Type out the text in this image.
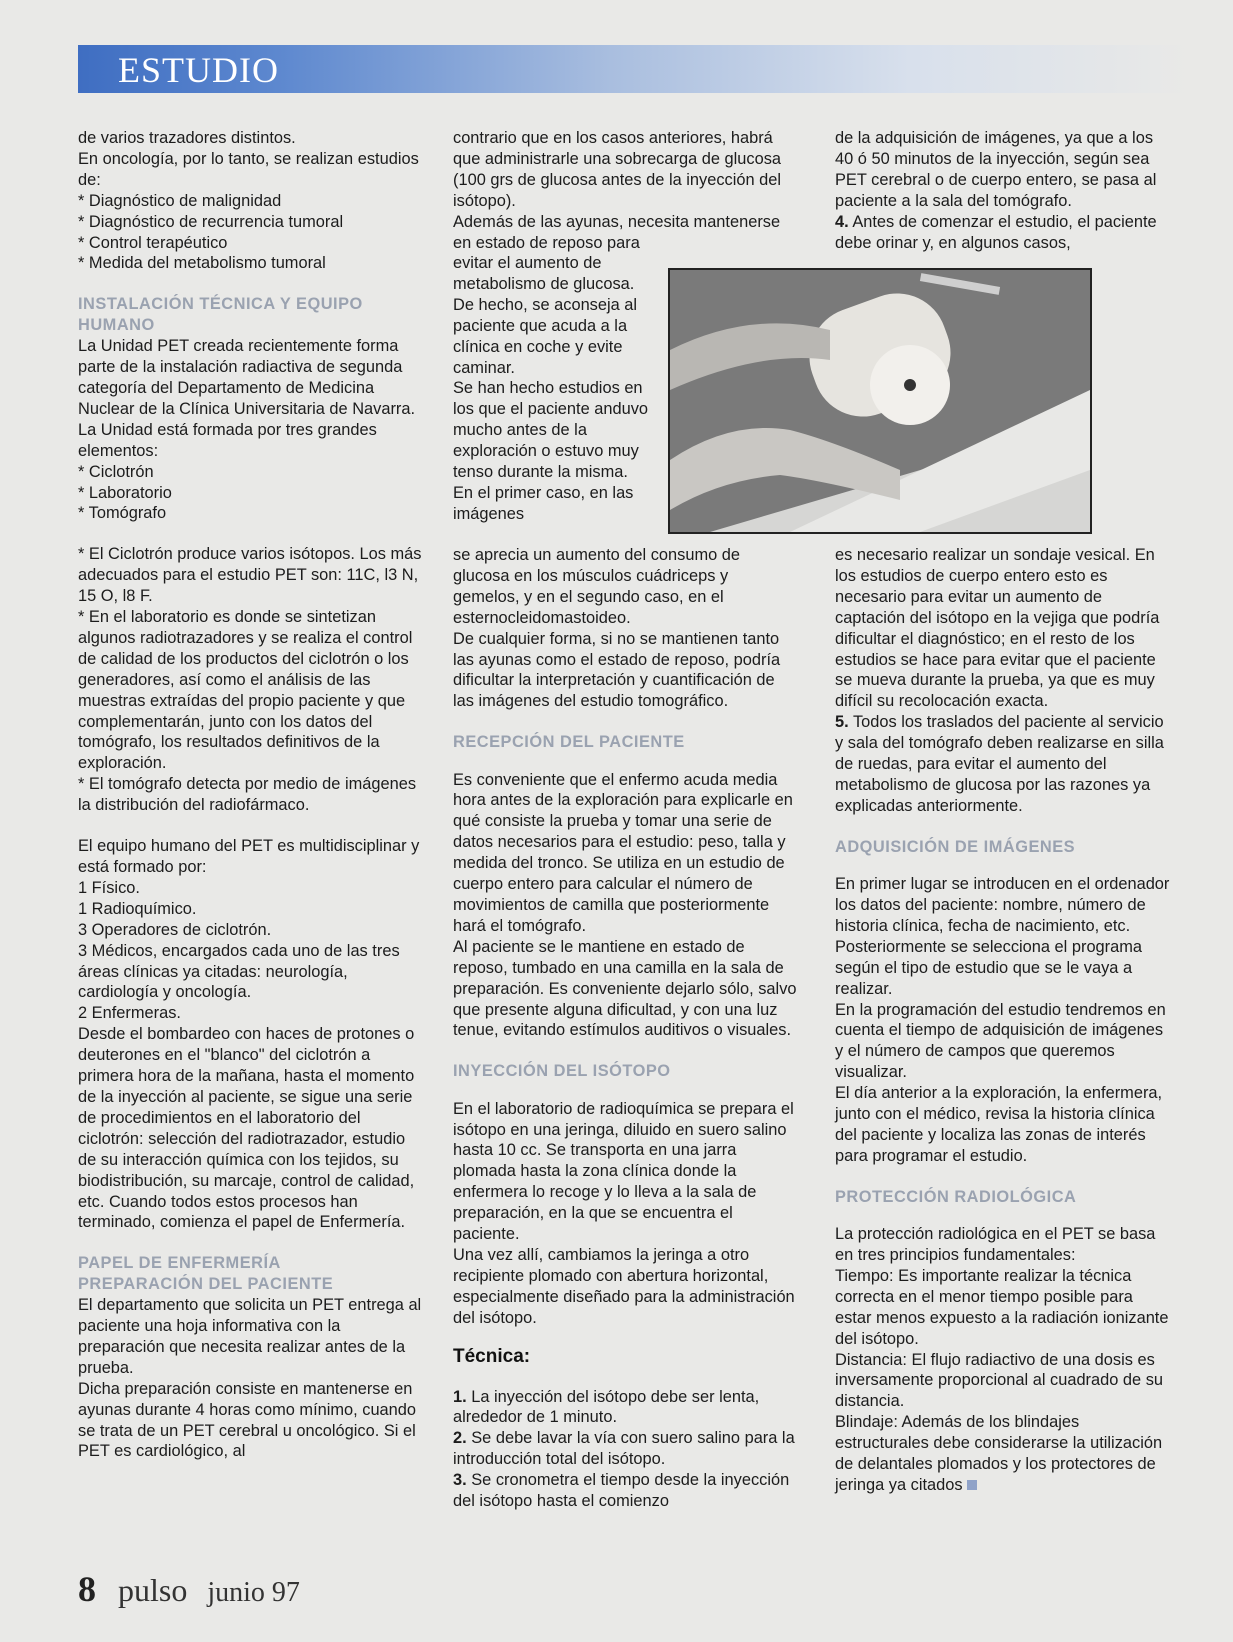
ESTUDIO

de varios trazadores distintos.

En oncología, por lo tanto, se realizan estudios de:

* Diagnóstico de malignidad

* Diagnóstico de recurrencia tumoral

* Control terapéutico

* Medida del metabolismo tumoral

INSTALACIÓN TÉCNICA Y EQUIPO HUMANO

La Unidad PET creada recientemente forma parte de la instalación radiactiva de segunda categoría del Departamento de Medicina Nuclear de la Clínica Universitaria de Navarra.

La Unidad está formada por tres grandes elementos:

* Ciclotrón

* Laboratorio

* Tomógrafo

* El Ciclotrón produce varios isótopos. Los más adecuados para el estudio PET son: 11C, l3 N, 15 O, l8 F.

* En el laboratorio es donde se sintetizan algunos radiotrazadores y se realiza el control de calidad de los productos del ciclotrón o los generadores, así como el análisis de las muestras extraídas del propio paciente y que complementarán, junto con los datos del tomógrafo, los resultados definitivos de la exploración.

* El tomógrafo detecta por medio de imágenes la distribución del radiofármaco.

El equipo humano del PET es multidisciplinar y está formado por:

1 Físico.

1 Radioquímico.

3 Operadores de ciclotrón.

3 Médicos, encargados cada uno de las tres áreas clínicas ya citadas: neurología, cardiología y oncología.

2 Enfermeras.

Desde el bombardeo con haces de protones o deuterones en el "blanco" del ciclotrón a primera hora de la mañana, hasta el momento de la inyección al paciente, se sigue una serie de procedimientos en el laboratorio del ciclotrón: selección del radiotrazador, estudio de su interacción química con los tejidos, su biodistribución, su marcaje, control de calidad, etc. Cuando todos estos procesos han terminado, comienza el papel de Enfermería.

PAPEL DE ENFERMERÍA

PREPARACIÓN DEL PACIENTE

El departamento que solicita un PET entrega al paciente una hoja informativa con la preparación que necesita realizar antes de la prueba.

Dicha preparación consiste en mantenerse en ayunas durante 4 horas como mínimo, cuando se trata de un PET cerebral u oncológico. Si el PET es cardiológico, al

contrario que en los casos anteriores, habrá que administrarle una sobrecarga de glucosa (100 grs de glucosa antes de la inyección del isótopo).

Además de las ayunas, necesita mantenerse en estado de reposo para

evitar el aumento de metabolismo de glucosa. De hecho, se aconseja al paciente que acuda a la clínica en coche y evite caminar.

Se han hecho estudios en los que el paciente anduvo mucho antes de la exploración o estuvo muy tenso durante la misma. En el primer caso, en las imágenes

se aprecia un aumento del consumo de glucosa en los músculos cuádriceps y gemelos, y en el segundo caso, en el esternocleidomastoideo.

De cualquier forma, si no se mantienen tanto las ayunas como el estado de reposo, podría dificultar la interpretación y cuantificación de las imágenes del estudio tomográfico.

RECEPCIÓN DEL PACIENTE

Es conveniente que el enfermo acuda media hora antes de la exploración para explicarle en qué consiste la prueba y tomar una serie de datos necesarios para el estudio: peso, talla y medida del tronco. Se utiliza en un estudio de cuerpo entero para calcular el número de movimientos de camilla que posteriormente hará el tomógrafo.

Al paciente se le mantiene en estado de reposo, tumbado en una camilla en la sala de preparación. Es conveniente dejarlo sólo, salvo que presente alguna dificultad, y con una luz tenue, evitando estímulos auditivos o visuales.

INYECCIÓN DEL ISÓTOPO

En el laboratorio de radioquímica se prepara el isótopo en una jeringa, diluido en suero salino hasta 10 cc. Se transporta en una jarra plomada hasta la zona clínica donde la enfermera lo recoge y lo lleva a la sala de preparación, en la que se encuentra el paciente.

Una vez allí, cambiamos la jeringa a otro recipiente plomado con abertura horizontal, especialmente diseñado para la administración del isótopo.

Técnica:

1. La inyección del isótopo debe ser lenta, alrededor de 1 minuto.

2. Se debe lavar la vía con suero salino para la introducción total del isótopo.

3. Se cronometra el tiempo desde la inyección del isótopo hasta el comienzo

de la adquisición de imágenes, ya que a los 40 ó 50 minutos de la inyección, según sea PET cerebral o de cuerpo entero, se pasa al paciente a la sala del tomógrafo.

4. Antes de comenzar el estudio, el paciente debe orinar y, en algunos casos,

es necesario realizar un sondaje vesical. En los estudios de cuerpo entero esto es necesario para evitar un aumento de captación del isótopo en la vejiga que podría dificultar el diagnóstico; en el resto de los estudios se hace para evitar que el paciente se mueva durante la prueba, ya que es muy difícil su recolocación exacta.

5. Todos los traslados del paciente al servicio y sala del tomógrafo deben realizarse en silla de ruedas, para evitar el aumento del metabolismo de glucosa por las razones ya explicadas anteriormente.

ADQUISICIÓN DE IMÁGENES

En primer lugar se introducen en el ordenador los datos del paciente: nombre, número de historia clínica, fecha de nacimiento, etc. Posteriormente se selecciona el programa según el tipo de estudio que se le vaya a realizar.

En la programación del estudio tendremos en cuenta el tiempo de adquisición de imágenes y el número de campos que queremos visualizar.

El día anterior a la exploración, la enfermera, junto con el médico, revisa la historia clínica del paciente y localiza las zonas de interés para programar el estudio.

PROTECCIÓN RADIOLÓGICA

La protección radiológica en el PET se basa en tres principios fundamentales:

Tiempo: Es importante realizar la técnica correcta en el menor tiempo posible para estar menos expuesto a la radiación ionizante del isótopo.

Distancia: El flujo radiactivo de una dosis es inversamente proporcional al cuadrado de su distancia.

Blindaje: Además de los blindajes estructurales debe considerarse la utilización de delantales plomados y los protectores de jeringa ya citados

8 pulso junio 97
